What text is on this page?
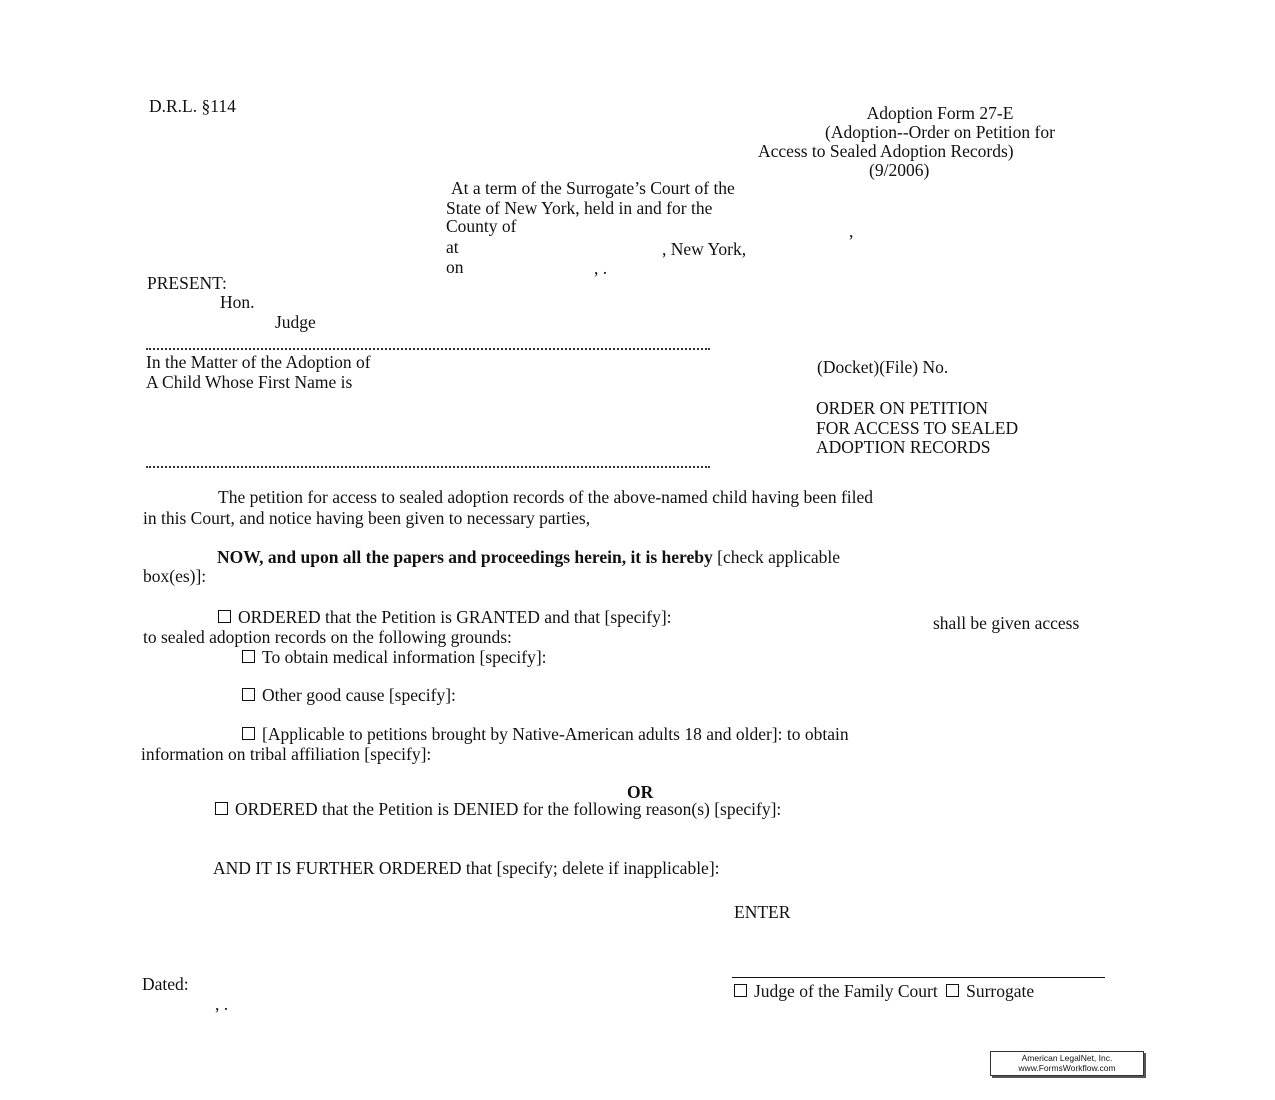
D.R.L. §114	Adoption Form 27-E
(Adoption--Order on Petition for
Access to Sealed Adoption Records)
(9/2006)
At a term of the Surrogate’s Court of the
State of New York, held in and for the
County of	,
at	, New York,
on	, .
PRESENT:
Hon.
Judge
In the Matter of the Adoption of
A Child Whose First Name is
(Docket)(File) No.
ORDER ON PETITION
FOR ACCESS TO SEALED
ADOPTION RECORDS
The petition for access to sealed adoption records of the above-named child having been filed
in this Court, and notice having been given to necessary parties,
NOW, and upon all the papers and proceedings herein, it is hereby [check applicable
box(es)]:
ORDERED that the Petition is GRANTED and that [specify]:	shall be given access
to sealed adoption records on the following grounds:
To obtain medical information [specify]:
Other good cause [specify]:
[Applicable to petitions brought by Native-American adults 18 and older]: to obtain
information on tribal affiliation [specify]:
OR
ORDERED that the Petition is DENIED for the following reason(s) [specify]:
AND IT IS FURTHER ORDERED that [specify; delete if inapplicable]:
ENTER
Dated:
, .
Judge of the Family Court Surrogate
American LegalNet, Inc.
www.FormsWorkflow.com
